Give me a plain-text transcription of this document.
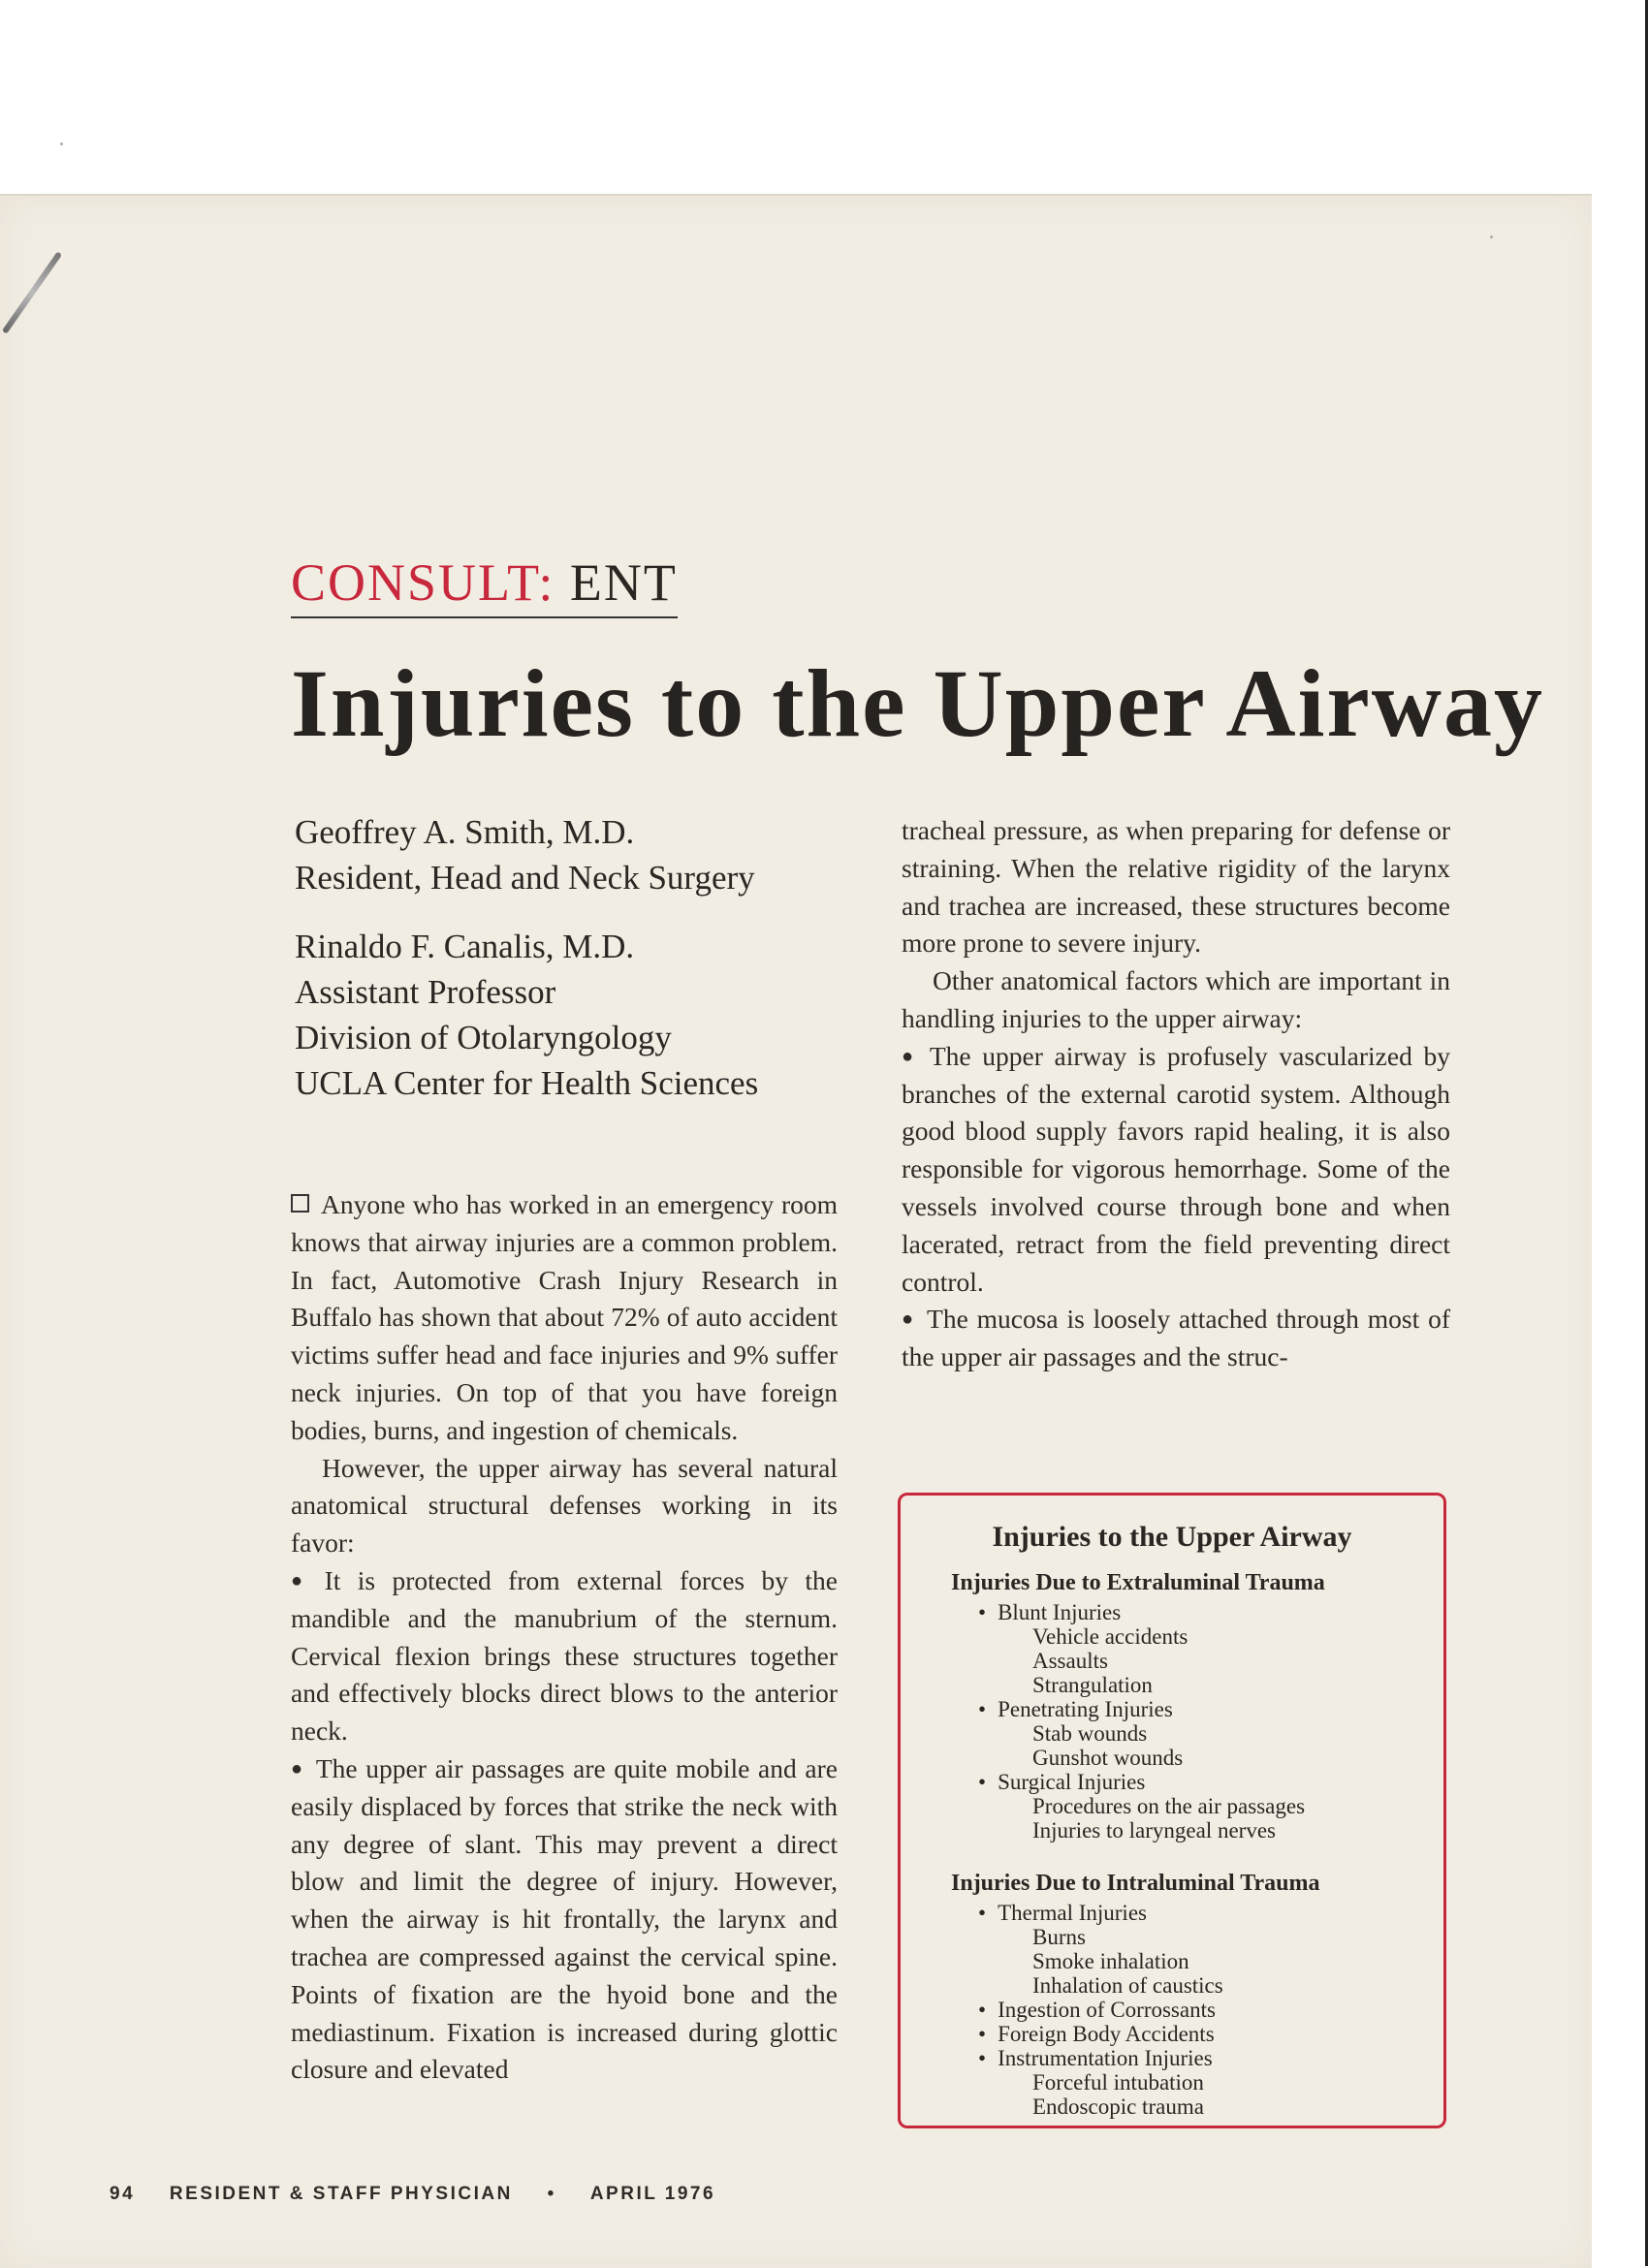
CONSULT: ENT
Injuries to the Upper Airway
Geoffrey A. Smith, M.D.
Resident, Head and Neck Surgery
Rinaldo F. Canalis, M.D.
Assistant Professor
Division of Otolaryngology
UCLA Center for Health Sciences

Anyone who has worked in an emergency room knows that airway injuries are a common problem. In fact, Automotive Crash Injury Research in Buffalo has shown that about 72% of auto accident victims suffer head and face injuries and 9% suffer neck injuries. On top of that you have foreign bodies, burns, and ingestion of chemicals.

However, the upper airway has several natural anatomical structural defenses working in its favor:

● It is protected from external forces by the mandible and the manubrium of the sternum. Cervical flexion brings these structures together and effectively blocks direct blows to the anterior neck.

● The upper air passages are quite mobile and are easily displaced by forces that strike the neck with any degree of slant. This may prevent a direct blow and limit the degree of injury. However, when the airway is hit frontally, the larynx and trachea are compressed against the cervical spine. Points of fixation are the hyoid bone and the mediastinum. Fixation is increased during glottic closure and elevated

tracheal pressure, as when preparing for defense or straining. When the relative rigidity of the larynx and trachea are increased, these structures become more prone to severe injury.

Other anatomical factors which are important in handling injuries to the upper airway:

● The upper airway is profusely vascularized by branches of the external carotid system. Although good blood supply favors rapid healing, it is also responsible for vigorous hemorrhage. Some of the vessels involved course through bone and when lacerated, retract from the field preventing direct control.

● The mucosa is loosely attached through most of the upper air passages and the struc-

Injuries to the Upper Airway
Injuries Due to Extraluminal Trauma
• Blunt Injuries
Vehicle accidents
Assaults
Strangulation
• Penetrating Injuries
Stab wounds
Gunshot wounds
• Surgical Injuries
Procedures on the air passages
Injuries to laryngeal nerves
Injuries Due to Intraluminal Trauma
• Thermal Injuries
Burns
Smoke inhalation
Inhalation of caustics
• Ingestion of Corrossants
• Foreign Body Accidents
• Instrumentation Injuries
Forceful intubation
Endoscopic trauma
94 RESIDENT & STAFF PHYSICIAN • APRIL 1976
